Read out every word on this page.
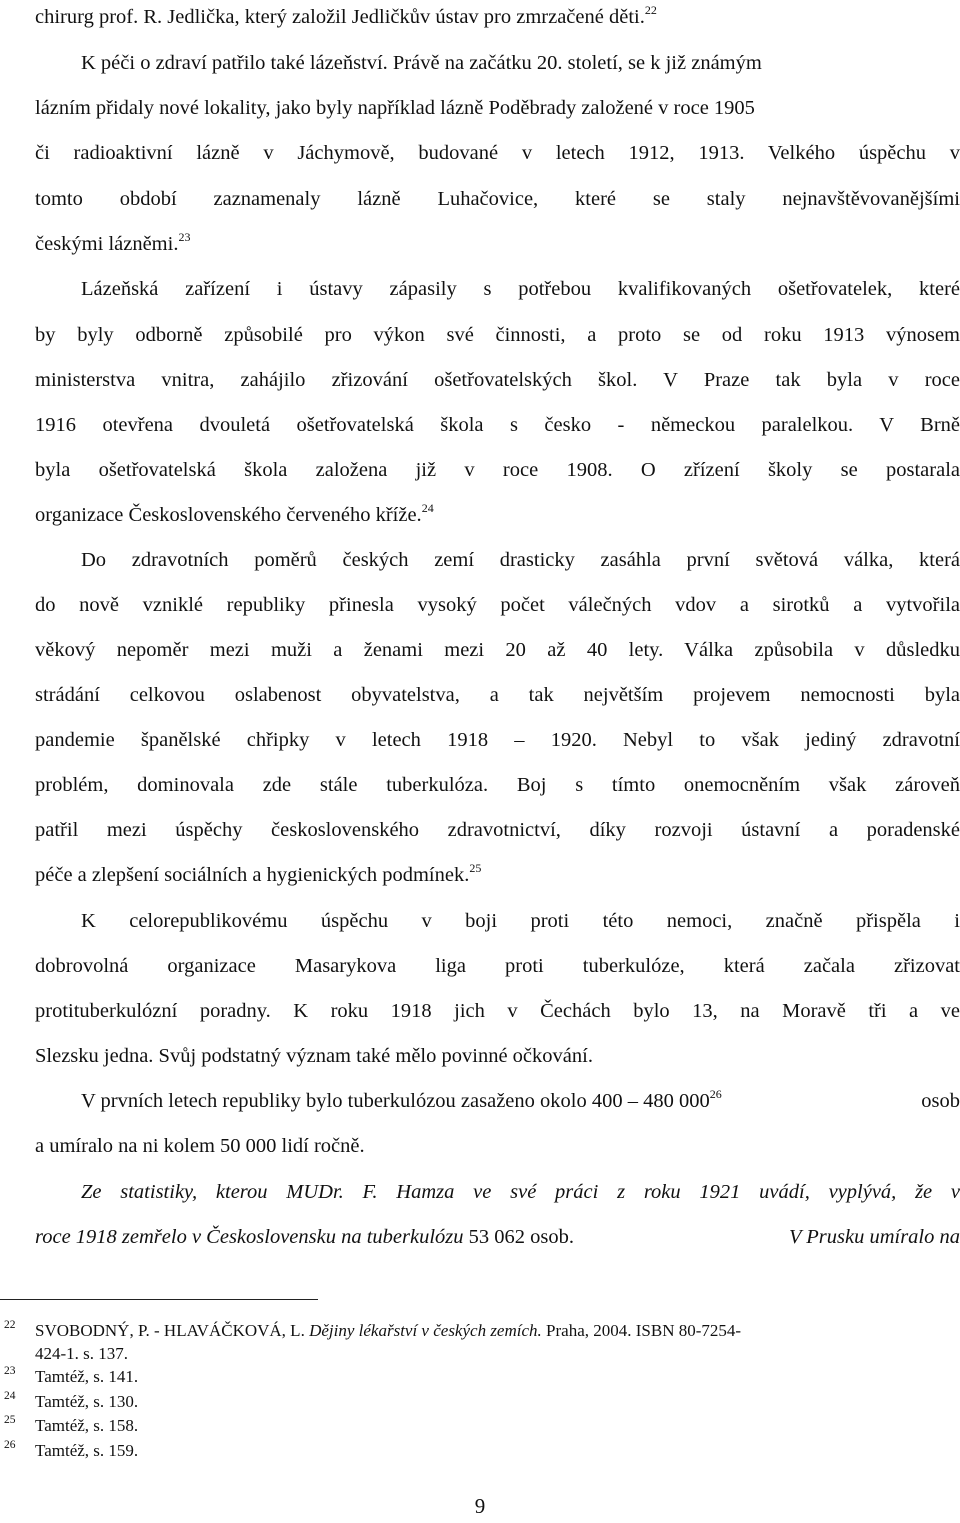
chirurg prof. R. Jedlička, který založil Jedličkův ústav pro zmrzačené děti.$^{22}$
K péči o zdraví patřilo také lázeňství. Právě na začátku 20. století, se k již známým
lázním přidaly nové lokality, jako byly například lázně Poděbrady založené v roce 1905
či radioaktivní lázně v Jáchymově, budované v letech 1912, 1913. Velkého úspěchu v
tomto období zaznamenaly lázně Luhačovice, které se staly nejnavštěvovanějšími
českými lázněmi.$^{23}$
Lázeňská zařízení i ústavy zápasily s potřebou kvalifikovaných ošetřovatelek, které
by byly odborně způsobilé pro výkon své činnosti, a proto se od roku 1913 výnosem
ministerstva vnitra, zahájilo zřizování ošetřovatelských škol. V Praze tak byla v roce
1916 otevřena dvouletá ošetřovatelská škola s česko - německou paralelkou. V Brně
byla ošetřovatelská škola založena již v roce 1908. O zřízení školy se postarala
organizace Československého červeného kříže.$^{24}$
Do zdravotních poměrů českých zemí drasticky zasáhla první světová válka, která
do nově vzniklé republiky přinesla vysoký počet válečných vdov a sirotků a vytvořila
věkový nepoměr mezi muži a ženami mezi 20 až 40 lety. Válka způsobila v důsledku
strádání celkovou oslabenost obyvatelstva, a tak největším projevem nemocnosti byla
pandemie španělské chřipky v letech 1918 – 1920. Nebyl to však jediný zdravotní
problém, dominovala zde stále tuberkulóza. Boj s tímto onemocněním však zároveň
patřil mezi úspěchy československého zdravotnictví, díky rozvoji ústavní a poradenské
péče a zlepšení sociálních a hygienických podmínek.$^{25}$
K celorepublikovému úspěchu v boji proti této nemoci, značně přispěla i
dobrovolná organizace Masarykova liga proti tuberkulóze, která začala zřizovat
protituberkulózní poradny. K roku 1918 jich v Čechách bylo 13, na Moravě tři a ve
Slezsku jedna. Svůj podstatný význam také mělo povinné očkování.
V prvních letech republiky bylo tuberkulózou zasaženo okolo 400 – 480 $000^{26}$	osob
a umíralo na ni kolem 50 000 lidí ročně.
Ze statistiky, kterou MUDr. F. Hamza ve své práci z roku 1921 uvádí, vyplývá, že v
roce 1918 zemřelo v Československu na tuberkulózu 53 062 osob.	V Prusku umíralo na
22 SVOBODNÝ, P. - HLAVÁČKOVÁ, L. Dějiny lékařství v českých zemích. Praha, 2004. ISBN 80-7254-
424-1. s. 137.
23 Tamtéž, s. 141.
24 Tamtéž, s. 130.
25 Tamtéž, s. 158.
26 Tamtéž, s. 159.
9
